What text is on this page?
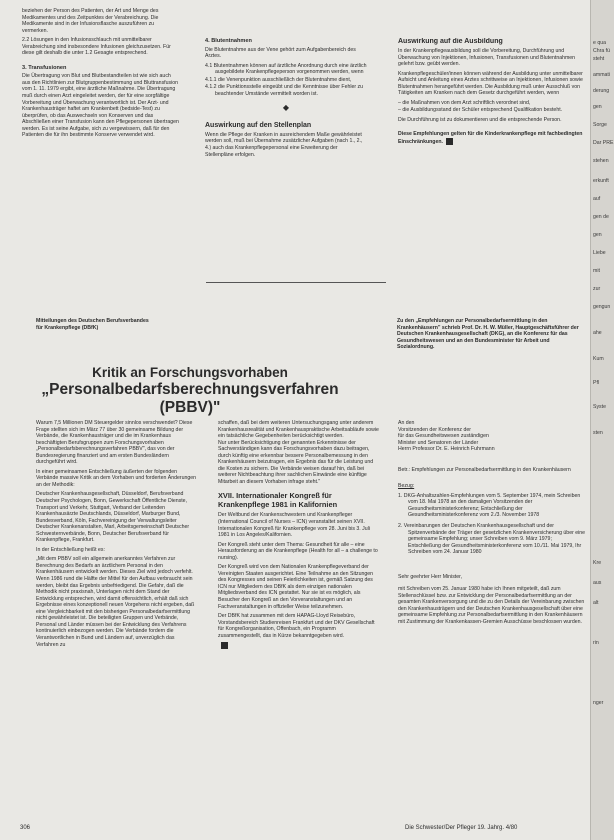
beziehen der Person des Patienten, der Art und Menge des Medikamentes und des Zeitpunktes der Verabreichung. Die Medikamente sind in der Infusionsflasche auszuführen zu vermerken.

2.2 Lösungen in den Infusionsschlauch mit unmittelbarer Verabreichung sind insbesondere Infusionen gleichzusetzen. Für diese gilt deshalb die unter 1.2 Gesagte entsprechend.

3. Transfusionen

Die Übertragung von Blut und Blutbestandteilen ist wie sich auch aus den Richtlinien zur Blutgruppenbestimmung und Bluttransfusion vom 1. 11. 1979 ergibt, eine ärztliche Maßnahme. Die Übertragung muß durch einen Arzt eingeleitet werden, der für eine sorgfältige Vorbereitung und Überwachung verantwortlich ist. Der Arzt- und Krankenhausträger haftet am Krankenbett (bedside-Test) zu überprüfen, ob das Auswechseln von Konserven und das Abschließen einer Transfusion kann den Pflegepersonen übertragen werden. Es ist seine Aufgabe, sich zu vergewissern, daß für den Patienten die für ihn bestimmte Konserve verwendet wird.

4. Blutentnahmen

Die Blutentnahme aus der Vene gehört zum Aufgabenbereich des Arztes.

4.1 Blutentnahmen können auf ärztliche Anordnung durch eine ärztlich ausgebildete Krankenpflegeperson vorgenommen werden, wenn
4.1.1 die Venenpunktion ausschließlich der Blutentnahme dient,
4.1.2 die Punktionsstelle eingeübt und die Kenntnisse über Fehler zu beachtender Umstände vermittelt worden ist.
◆
Auswirkung auf den Stellenplan

Wenn die Pflege der Kranken in ausreichendem Maße gewährleistet werden soll, muß bei Übernahme zusätzlicher Aufgaben (nach 1., 2., 4.) auch das Krankenpflegepersonal eine Erweiterung der Stellenpläne erfolgen.

Auswirkung auf die Ausbildung

In der Krankenpflegeausbildung soll die Vorbereitung, Durchführung und Überwachung von Injektionen, Infusionen, Transfusionen und Blutentnahmen gelehrt bzw. geübt werden.

Krankenpflegeschüler/innen können während der Ausbildung unter unmittelbarer Aufsicht und Anleitung eines Arztes schrittweise an Injektionen, Infusionen sowie Blutentnahmen herangeführt werden. Die Ausbildung muß unter Ausschluß von Tätigkeiten am Kranken nach dem Gesetz durchgeführt werden, wenn

– die Maßnahmen von dem Arzt schriftlich verordnet sind,
– die Ausbildungsstand der Schüler entsprechend Qualifikation besteht.

Die Durchführung ist zu dokumentieren und die entsprechende Person.

Diese Empfehlungen gelten für die Kinderkrankenpflege mit fachbedingten Einschränkungen.

Mitteilungen des Deutschen Berufsverbandes
für Krankenpflege (DBfK)

Zu den „Empfehlungen zur Personalbedarfsermittlung in den Krankenhäusern" schrieb Prof. Dr. H. W. Müller, Hauptgeschäftsführer der Deutschen Krankenhausgesellschaft (DKG), an die Konferenz für das Gesundheitswesen und an den Bundesminister für Arbeit und Sozialordnung.

Kritik an Forschungsvorhaben
„Personalbedarfsberechnungsverfahren (PBBV)"

Warum 7,5 Millionen DM Steuergelder sinnlos verschwendet? Diese Frage stellten sich im März 77 über 30 gemeinsame Bildung der Verbände, die Krankenhausträger und die im Krankenhaus beschäftigten Berufsgruppen zum Forschungsvorhaben „Personalbedarfsberechnungsverfahren PBBV", das von der Bundesregierung finanziert und am ersten Bundesländern durchgeführt wird.

In einer gemeinsamen Entschließung äußerten der folgenden Verbände massive Kritik an dem Vorhaben und forderten Änderungen an der Methodik:

Deutscher Krankenhausgesellschaft, Düsseldorf, Berufsverband Deutscher Psychologen, Bonn, Gewerkschaft Öffentliche Dienste, Transport und Verkehr, Stuttgart, Verband der Leitenden Krankenhausärzte Deutschlands, Düsseldorf, Marburger Bund, Bundesverband, Köln, Fachvereinigung der Verwaltungsleiter Deutscher Krankenanstalten, Marl, Arbeitsgemeinschaft Deutscher Schwesternverbände, Bonn, Deutscher Berufsverband für Krankenpflege, Frankfurt.

In der Entschließung heißt es:

„Mit dem PBBV soll ein allgemein anerkanntes Verfahren zur Berechnung des Bedarfs an ärztlichem Personal in den Krankenhäusern entwickelt werden. Dieses Ziel wird jedoch verfehlt. Wenn 1986 rund die Hälfte der Mittel für den Aufbau verbraucht sein werden, bleibt das Ergebnis unbefriedigend. Die Gefahr, daß die Methodik nicht praxisnah, Unterlagen nicht dem Stand der Entwicklung entsprechen, wird damit offensichtlich, erhält daß sich Ergebnisse eines konzeptionell neuen Vorgehens nicht ergeben, daß eine Vergleichbarkeit mit den bisherigen Personalbedarfsermittlung nicht gewährleistet ist. Die beteiligten Gruppen und Verbände, Personal und Länder müssen bei der Entwicklung des Verfahrens kontinuierlich einbezogen werden. Die Verbände fordern die Verantwortlichen in Bund und Ländern auf, unverzüglich das Verfahren zu

schaffen, daß bei dem weiteren Untersuchungsgang unter anderem Krankenhausrealität und Krankenhauspraktische Arbeitsabläufe sowie ein tatsächliche Gegebenheiten berücksichtigt werden.
Nur unter Berücksichtigung der genannten Erkenntnisse der Sachverständigen kann das Forschungsvorhaben dazu beitragen, durch künftig eine erkennbar bessere Personalbemessung in den Krankenhäusern beizutragen, ein Ergebnis das für die Leistung und die Kosten zu sichern. Die Verbände weisen darauf hin, daß bei weiterer Nichtbeachtung ihrer sachlichen Einwände eine künftige Mitarbeit an diesem Vorhaben infrage steht."

XVII. Internationaler Kongreß für Krankenpflege 1981 in Kalifornien

Der Weltbund der Krankenschwestern und Krankenpfleger (International Council of Nurses – ICN) veranstaltet seinen XVII. Internationalen Kongreß für Krankenpflege vom 28. Juni bis 3. Juli 1981 in Los Angeles/Kalifornien.

Der Kongreß steht unter dem Thema: Gesundheit für alle – eine Herausforderung an die Krankenpflege (Health for all – a challenge to nursing).

Der Kongreß wird von dem Nationalen Krankenpflegeverband der Vereinigten Staaten ausgerichtet. Eine Teilnahme an den Sitzungen des Kongresses und seinen Feierlichkeiten ist, gemäß Satzung des ICN nur Mitgliedern des DBfK als dem einzigen nationalen Mitgliedsverband des ICN gestattet. Nur sie ist es möglich, als Besucher den Kongreß an den Vorveranstaltungen und an Fachveranstaltungen in offizieller Weise teilzunehmen.

Der DBfK hat zusammen mit dem HAPAG-Lloyd Reisebüro, Vorstandsbereich Studienreisen Frankfurt und der DKV Gesellschaft für Kongreßorganisation, Offenbach, ein Programm zusammengestellt, das in Kürze bekanntgegeben wird.

An den
Vorsitzenden der Konferenz der
für das Gesundheitswesen zuständigen
Minister und Senatoren der Länder
Herrn Professor Dr. E. Heinrich Fuhrmann

Betr.: Empfehlungen zur Personalbedarfsermittlung in den Krankenhäusern

Bezug:
1. DKG-Anhaltszahlen-Empfehlungen vom 5. September 1974, mein Schreiben vom 18. Mai 1978 an den damaligen Vorsitzenden der Gesundheitsministerkonferenz; Entschließung der Gesundheitsministerkonferenz vom 2./3. November 1978
2. Vereinbarungen der Deutschen Krankenhausgesellschaft und der Spitzenverbände der Träger der gesetzlichen Krankenversicherung über eine gemeinsame Empfehlung; unser Schreiben vom 9. März 1979; Entschließung der Gesundheitsministerkonferenz vom 10./11. Mai 1979, Ihr Schreiben vom 24. Januar 1980

Sehr geehrter Herr Minister,

mit Schreiben vom 25. Januar 1980 habe ich Ihnen mitgeteilt, daß zum Stellenschlüssel bzw. zur Entwicklung der Personalbedarfsermittlung an der gesamten Krankenversorgung und die zu den Details der Vereinbarung zwischen den Krankenhausträgern und der Deutschen Krankenhausgesellschaft über eine gemeinsame Empfehlung zur Personalbedarfsermittlung in den Krankenhäusern mit Zustimmung der Krankenkassen-Gremien Ausschüsse beschlossen wurden.

306	Die Schwester/Der Pfleger 19. Jahrg. 4/80
e qua
Chra fü
steht
ammati
derung
gen
Sorge
Dar PRE
stehen
erkunft
auf
gen de
gen
Liebe
mit
zur
gengun
ahe
Kum
Pfl
Syste
sten
Kre
aus
alt
rin
nger
